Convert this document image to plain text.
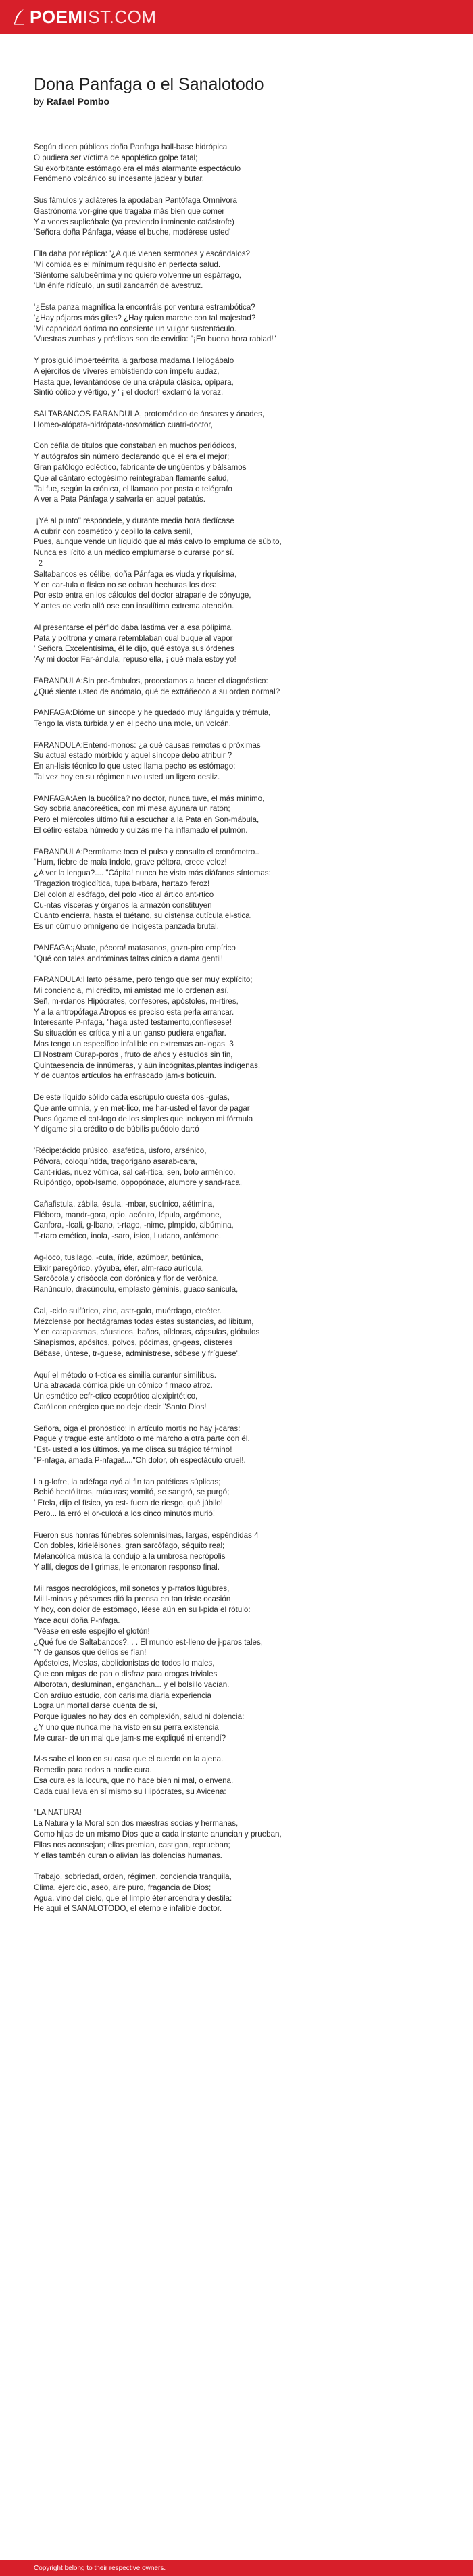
POEMIST.COM
Dona Panfaga o el Sanalotodo
by Rafael Pombo
Según dicen públicos doña Panfaga hall-base hidrópica
O pudiera ser víctima de apoplético golpe fatal;
Su exorbitante estómago era el más alarmante espectáculo
Fenómeno volcánico su incesante jadear y bufar.
Sus fámulos y adláteres la apodaban Pantófaga Omnívora
Gastrónoma vor-gine que tragaba más bien que comer
Y a veces suplicábale (ya previendo inminente catástrofe)
'Señora doña Pánfaga, véase el buche, modérese usted'
Ella daba por réplica: '¿A qué vienen sermones y escándalos?
'Mi comida es el mínimum requisito en perfecta salud.
'Siéntome salubeérrima y no quiero volverme un espárrago,
'Un énife ridículo, un sutil zancarrón de avestruz.
'¿Esta panza magnífica la encontráis por ventura estrambótica?
'¿Hay pájaros más giles? ¿Hay quien marche con tal majestad?
'Mi capacidad óptima no consiente un vulgar sustentáculo.
'Vuestras zumbas y prédicas son de envidia: "¡En buena hora rabiad!"
Y prosiguió imperteérrita la garbosa madama Heliogábalo
A ejércitos de víveres embistiendo con ímpetu audaz,
Hasta que, levantándose de una crápula clásica, opípara,
Sintió cólico y vértigo, y ' ¡ el doctor!' exclamó la voraz.
SALTABANCOS FARANDULA, protomédico de ánsares y ánades,
Homeo-alópata-hidrópata-nosomático cuatri-doctor,
Con céfila de títulos que constaban en muchos periódicos,
Y autógrafos sin número declarando que él era el mejor;
Gran patólogo ecléctico, fabricante de ungüentos y bálsamos
Que al cántaro ectogésimo reintegraban flamante salud,
Tal fue, según la crónica, el llamado por posta o telégrafo
A ver a Pata Pánfaga y salvarla en aquel patatús.
¡Yé al punto" respóndele, y durante media hora dedícase
A cubrir con cosmético y cepillo la calva senil,
Pues, aunque vende un líquido que al más calvo lo empluma de súbito,
Nunca es lícito a un médico emplumarse o curarse por sí.
2
Saltabancos es célibe, doña Pánfaga es viuda y riquísima,
Y en car-tula o físico no se cobran hechuras los dos:
Por esto entra en los cálculos del doctor atraparle de cónyuge,
Y antes de verla allá ose con insulítima extrema atención.
Al presentarse el pérfido daba lástima ver a esa pólipima,
Pata y poltrona y cmara retemblaban cual buque al vapor
' Señora Excelentísima, él le dijo, qué estoya sus órdenes
'Ay mi doctor Far-ándula, repuso ella, ¡ qué mala estoy yo!
FARANDULA:Sin pre-ámbulos, procedamos a hacer el diagnóstico:
¿Qué siente usted de anómalo, qué de extráñeoco a su orden normal?
PANFAGA:Dióme un síncope y he quedado muy lánguida y trémula,
Tengo la vista túrbida y en el pecho una mole, un volcán.
FARANDULA:Entend-monos: ¿a qué causas remotas o próximas
Su actual estado mórbido y aquel síncope debo atribuir ?
En an-lisis técnico lo que usted llama pecho es estómago:
Tal vez hoy en su régimen tuvo usted un ligero desliz.
PANFAGA:Aen la bucólica? no doctor, nunca tuve, el más mínimo,
Soy sobria anacoreética, con mi mesa ayunara un ratón;
Pero el miércoles último fui a escuchar a la Pata en Son-mábula,
El céfiro estaba húmedo y quizás me ha inflamado el pulmón.
FARANDULA:Permítame toco el pulso y consulto el cronómetro..
"Hum, fiebre de mala índole, grave péltora, crece veloz!
¿A ver la lengua?.... "Cápita! nunca he visto más diáfanos síntomas:
'Tragazión troglodítica, tupa b-rbara, hartazo feroz!
Del colon al esófago, del polo -tico al ártico ant-rtico
Cu-ntas vísceras y órganos la armazón constituyen
Cuanto encierra, hasta el tuétano, su distensa cutícula el-stica,
Es un cúmulo omnígeno de indigesta panzada brutal.
PANFAGA:¡Abate, pécora! matasanos, gazn-piro empírico
"Qué con tales andróminas faltas cínico a dama gentil!
FARANDULA:Harto pésame, pero tengo que ser muy explícito;
Mi conciencia, mi crédito, mi amistad me lo ordenan así.
Señ, m-rdanos Hipócrates, confesores, apóstoles, m-rtires,
Y a la antropófaga Atropos es preciso esta perla arrancar.
Interesante P-nfaga, "haga usted testamento,confíesese!
Su situación es crítica y ni a un ganso pudiera engañar.
Mas tengo un específico infalible en extremas an-logas  3
El Nostram Curap-poros , fruto de años y estudios sin fin,
Quintaesencia de innúmeras, y aún incógnitas,plantas indígenas,
Y de cuantos artículos ha enfrascado jam-s boticuín.
De este líquido sólido cada escrúpulo cuesta dos -gulas,
Que ante omnia, y en met-lico, me har-usted el favor de pagar
Pues úgame el cat-logo de los simples que incluyen mi fórmula
Y dígame si a crédito o de búbilis puédolo dar:ó
'Récipe:ácido prúsico, asafétida, úsforo, arsénico,
Pólvora, coloquíntida, tragorigano asarab-cara,
Cant-ridas, nuez vómica, sal cat-rtica, sen, bolo arménico,
Ruipóntigo, opob-lsamo, oppopónace, alumbre y sand-raca,
Cañafistula, zábila, ésula, -mbar, sucínico, aétimina,
Eléboro, mandr-gora, opio, acónito, lépulo, argémone,
Canfora, -lcali, g-lbano, t-rtago, -nime, plmpido, albúmina,
T-rtaro emético, inola, -saro, isico, l udano, anfémone.
Ag-loco, tusilago, -cula, íride, azúmbar, betúnica,
Elixir paregórico, yóyuba, éter, alm-raco aurícula,
Sarcócola y crisócola con dorónica y flor de verónica,
Ranúnculo, dracúnculu, emplasto géminis, guaco sanicula,
Cal, -cido sulfúrico, zinc, astr-galo, muérdago, eteéter.
Mézclense por hectágramas todas estas sustancias, ad libitum,
Y en cataplasmas, cáusticos, baños, píldoras, cápsulas, glóbulos
Sinapismos, apósitos, polvos, pócimas, gr-geas, clísteres
Bébase, úntese, tr-guese, administrese, sóbese y fríguese'.
Aquí el método o t-ctica es similia curantur similíbus.
Una atracada cómica pide un cómico f rmaco atroz.
Un esmético ecfr-ctico ecoprótico alexipirtético,
Católicon enérgico que no deje decir "Santo Dios!
Señora, oiga el pronóstico: in artículo mortis no hay j-caras:
Pague y trague este antídoto o me marcho a otra parte con él.
"Est- usted a los últimos. ya me olisca su trágico término!
"P-nfaga, amada P-nfaga!...."Oh dolor, oh espectáculo cruel!.
La g-lofre, la adéfaga oyó al fin tan patéticas súplicas;
Bebió hectólitros, múcuras; vomitó, se sangró, se purgó;
' Etela, dijo el físico, ya est- fuera de riesgo, qué júbilo!
Pero... la erró el or-culo:á a los cinco minutos murió!
Fueron sus honras fúnebres solemnísimas, largas, espéndidas 4
Con dobles, kirieléisones, gran sarcófago, séquito real;
Melancólica música la condujo a la umbrosa necrópolis
Y allí, ciegos de l grimas, le entonaron responso final.
Mil rasgos necrológicos, mil sonetos y p-rrafos lúgubres,
Mil l-minas y pésames dió la prensa en tan triste ocasión
Y hoy, con dolor de estómago, léese aún en su l-pida el rótulo:
Yace aquí doña P-nfaga.
"Véase en este espejito el glotón!
¿Qué fue de Saltabancos?. . . El mundo est-lleno de j-paros tales,
"Y de gansos que delíos se fían!
Apóstoles, Meslas, abolicionistas de todos lo males,
Que con migas de pan o disfraz para drogas triviales
Alborotan, desluminan, enganchan... y el bolsillo vacían.
Con ardiuo estudio, con carisima diaria experiencia
Logra un mortal darse cuenta de sí,
Porque iguales no hay dos en complexión, salud ni dolencia:
¿Y uno que nunca me ha visto en su perra existencia
Me curar- de un mal que jam-s me expliqué ni entendí?
M-s sabe el loco en su casa que el cuerdo en la ajena.
Remedio para todos a nadie cura.
Esa cura es la locura, que no hace bien ni mal, o envena.
Cada cual lleva en sí mismo su Hipócrates, su Avicena:
"LA NATURA!
La Natura y la Moral son dos maestras socias y hermanas,
Como hijas de un mismo Dios que a cada instante anuncian y prueban,
Ellas nos aconsejan; ellas premian, castigan, reprueban;
Y ellas tambén curan o alivian las dolencias humanas.
Trabajo, sobriedad, orden, régimen, conciencia tranquila,
Clima, ejercicio, aseo, aire puro, fragancia de Dios;
Agua, vino del cielo, que el limpio éter arcendra y destila:
He aquí el SANALOTODO, el eterno e infalible doctor.
Copyright belong to their respective owners.
